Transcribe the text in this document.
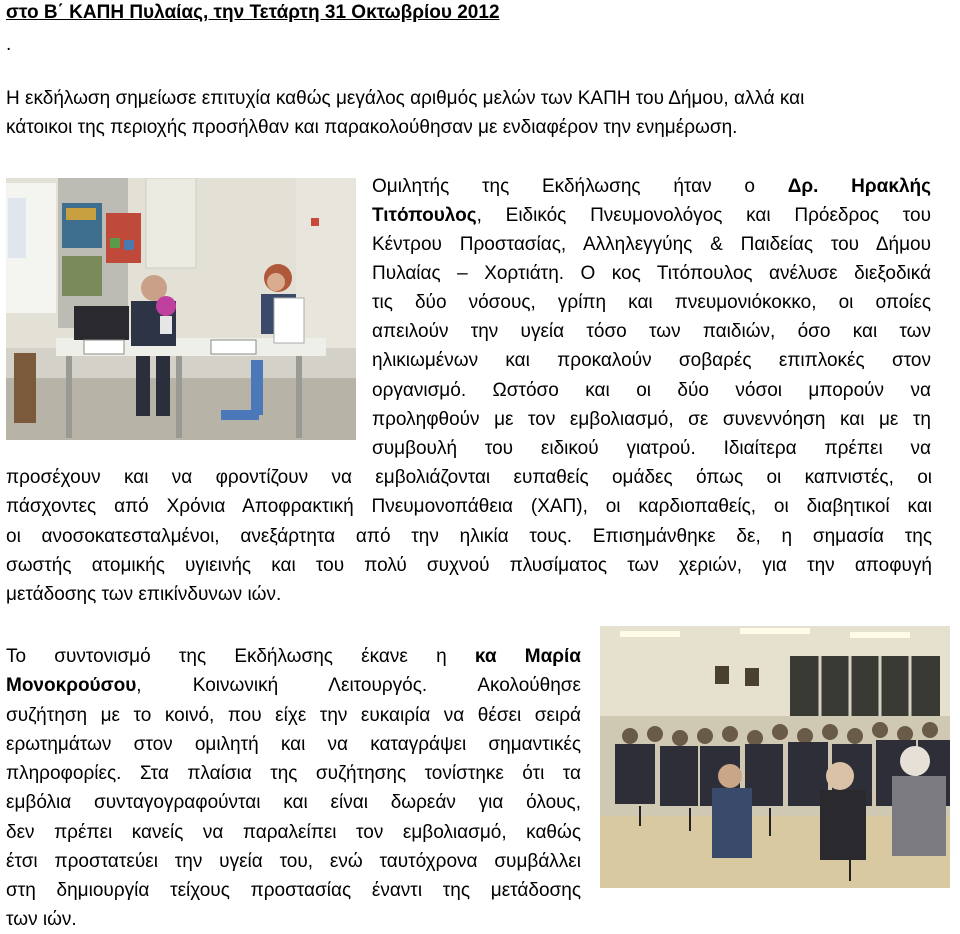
στο Β΄ ΚΑΠΗ Πυλαίας, την Τετάρτη 31 Οκτωβρίου 2012
.

Η εκδήλωση σημείωσε επιτυχία καθώς μεγάλος αριθμός μελών των ΚΑΠΗ του Δήμου, αλλά και

κάτοικοι της περιοχής προσήλθαν και παρακολούθησαν με ενδιαφέρον την ενημέρωση.

Ομιλητής της Εκδήλωσης ήταν ο Δρ. Ηρακλής
Τιτόπουλος, Ειδικός Πνευμονολόγος και Πρόεδρος του
Κέντρου Προστασίας, Αλληλεγγύης & Παιδείας του Δήμου
Πυλαίας – Χορτιάτη. Ο κος Τιτόπουλος ανέλυσε διεξοδικά
τις δύο νόσους, γρίπη και πνευμονιόκοκκο, οι οποίες
απειλούν την υγεία τόσο των παιδιών, όσο και των
ηλικιωμένων και προκαλούν σοβαρές επιπλοκές στον
οργανισμό. Ωστόσο και οι δύο νόσοι μπορούν να
προληφθούν με τον εμβολιασμό, σε συνεννόηση και με τη
συμβουλή του ειδικού γιατρού. Ιδιαίτερα πρέπει να
προσέχουν και να φροντίζουν να εμβολιάζονται ευπαθείς ομάδες όπως οι καπνιστές, οι
πάσχοντες από Χρόνια Αποφρακτική Πνευμονοπάθεια (ΧΑΠ), οι καρδιοπαθείς, οι διαβητικοί και
οι ανοσοκατεσταλμένοι, ανεξάρτητα από την ηλικία τους. Επισημάνθηκε δε, η σημασία της
σωστής ατομικής υγιεινής και του πολύ συχνού πλυσίματος των χεριών, για την αποφυγή
μετάδοσης των επικίνδυνων ιών.
Το συντονισμό της Εκδήλωσης έκανε η κα Μαρία
Μονοκρούσου, Κοινωνική Λειτουργός. Ακολούθησε
συζήτηση με το κοινό, που είχε την ευκαιρία να θέσει σειρά
ερωτημάτων στον ομιλητή και να καταγράψει σημαντικές
πληροφορίες. Στα πλαίσια της συζήτησης τονίστηκε ότι τα
εμβόλια συνταγογραφούνται και είναι δωρεάν για όλους,
δεν πρέπει κανείς να παραλείπει τον εμβολιασμό, καθώς
έτσι προστατεύει την υγεία του, ενώ ταυτόχρονα συμβάλλει
στη δημιουργία τείχους προστασίας έναντι της μετάδοσης
των ιών.
